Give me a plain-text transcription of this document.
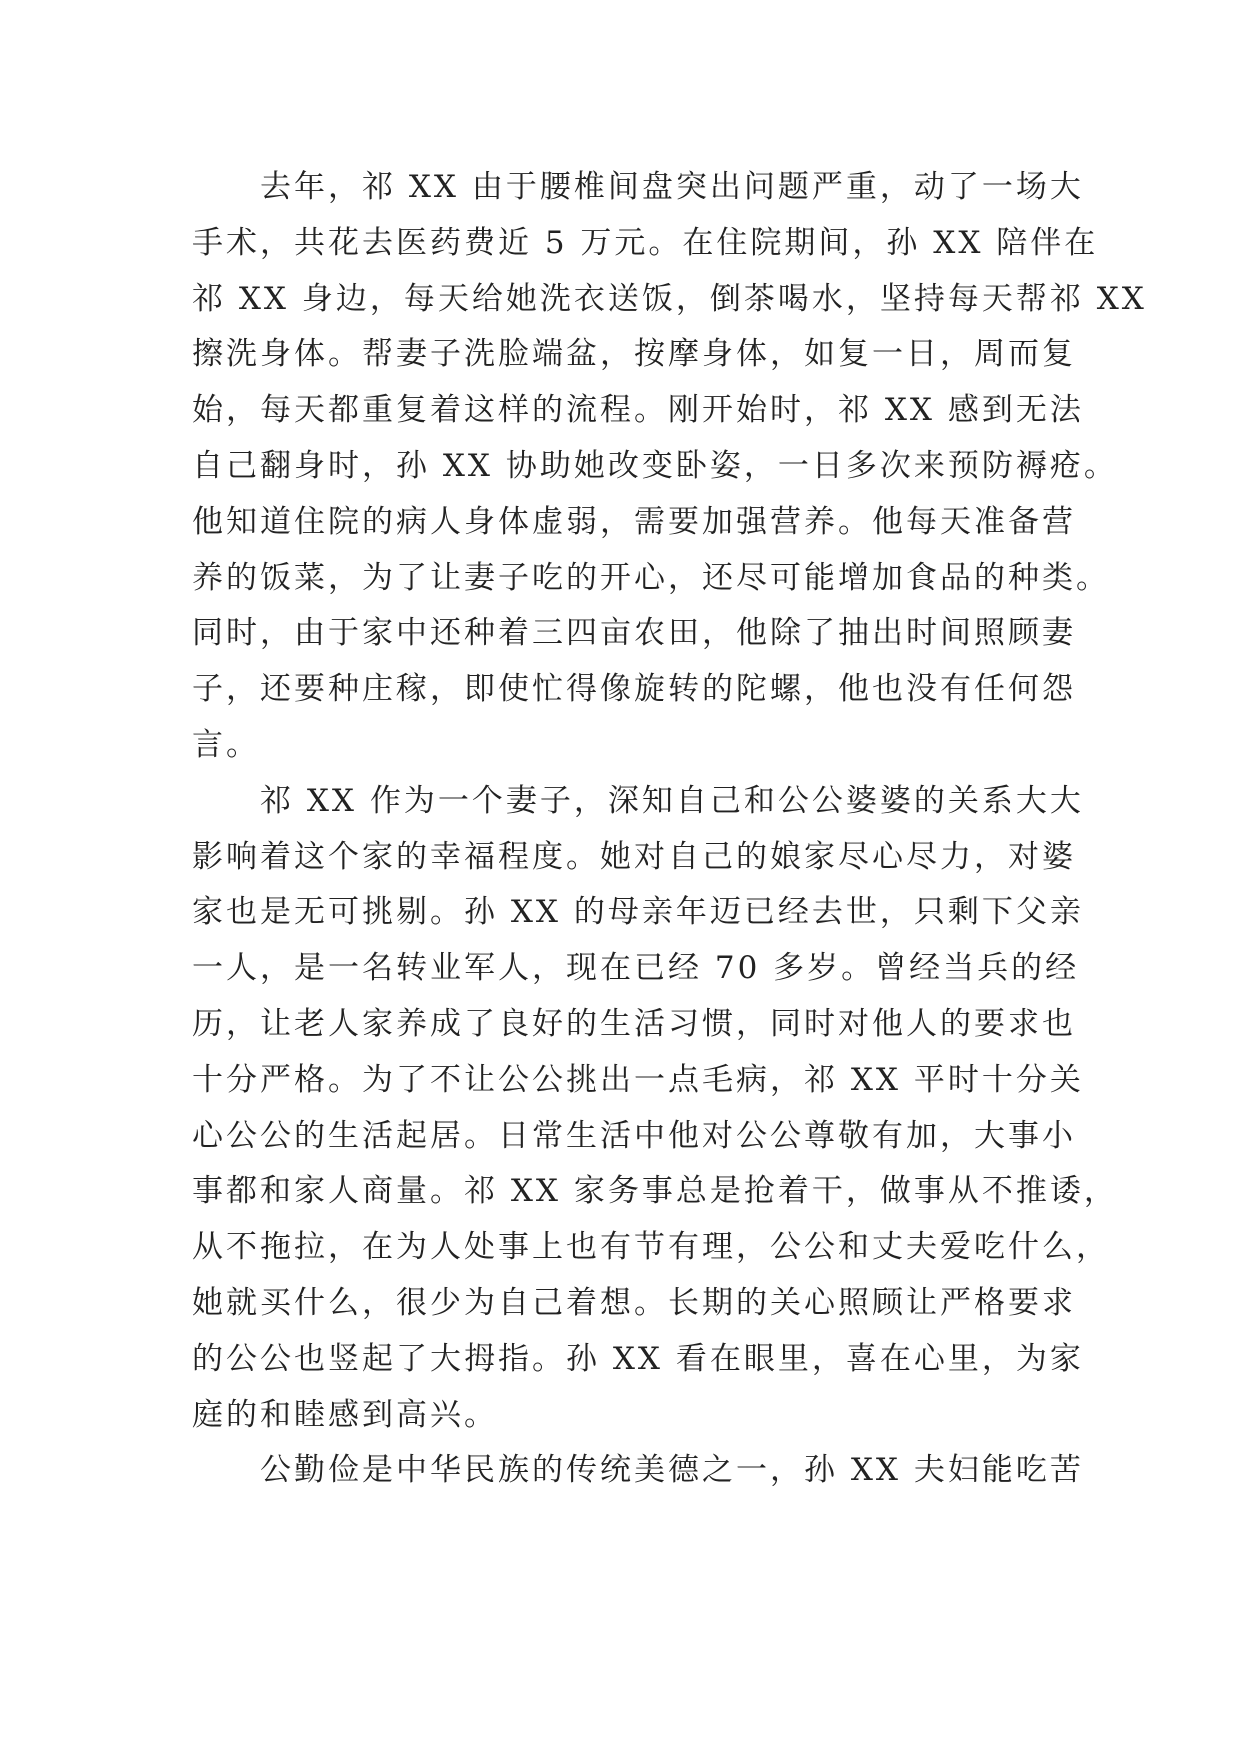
　　去年，祁 XX 由于腰椎间盘突出问题严重，动了一场大
手术，共花去医药费近 5 万元。在住院期间，孙 XX 陪伴在
祁 XX 身边，每天给她洗衣送饭，倒茶喝水，坚持每天帮祁 XX
擦洗身体。帮妻子洗脸端盆，按摩身体，如复一日，周而复
始，每天都重复着这样的流程。刚开始时，祁 XX 感到无法
自己翻身时，孙 XX 协助她改变卧姿，一日多次来预防褥疮。
他知道住院的病人身体虚弱，需要加强营养。他每天准备营
养的饭菜，为了让妻子吃的开心，还尽可能增加食品的种类。
同时，由于家中还种着三四亩农田，他除了抽出时间照顾妻
子，还要种庄稼，即使忙得像旋转的陀螺，他也没有任何怨
言。
　　祁 XX 作为一个妻子，深知自己和公公婆婆的关系大大
影响着这个家的幸福程度。她对自己的娘家尽心尽力，对婆
家也是无可挑剔。孙 XX 的母亲年迈已经去世，只剩下父亲
一人，是一名转业军人，现在已经 70 多岁。曾经当兵的经
历，让老人家养成了良好的生活习惯，同时对他人的要求也
十分严格。为了不让公公挑出一点毛病，祁 XX 平时十分关
心公公的生活起居。日常生活中他对公公尊敬有加，大事小
事都和家人商量。祁 XX 家务事总是抢着干，做事从不推诿，
从不拖拉，在为人处事上也有节有理，公公和丈夫爱吃什么，
她就买什么，很少为自己着想。长期的关心照顾让严格要求
的公公也竖起了大拇指。孙 XX 看在眼里，喜在心里，为家
庭的和睦感到高兴。
　　公勤俭是中华民族的传统美德之一，孙 XX 夫妇能吃苦
